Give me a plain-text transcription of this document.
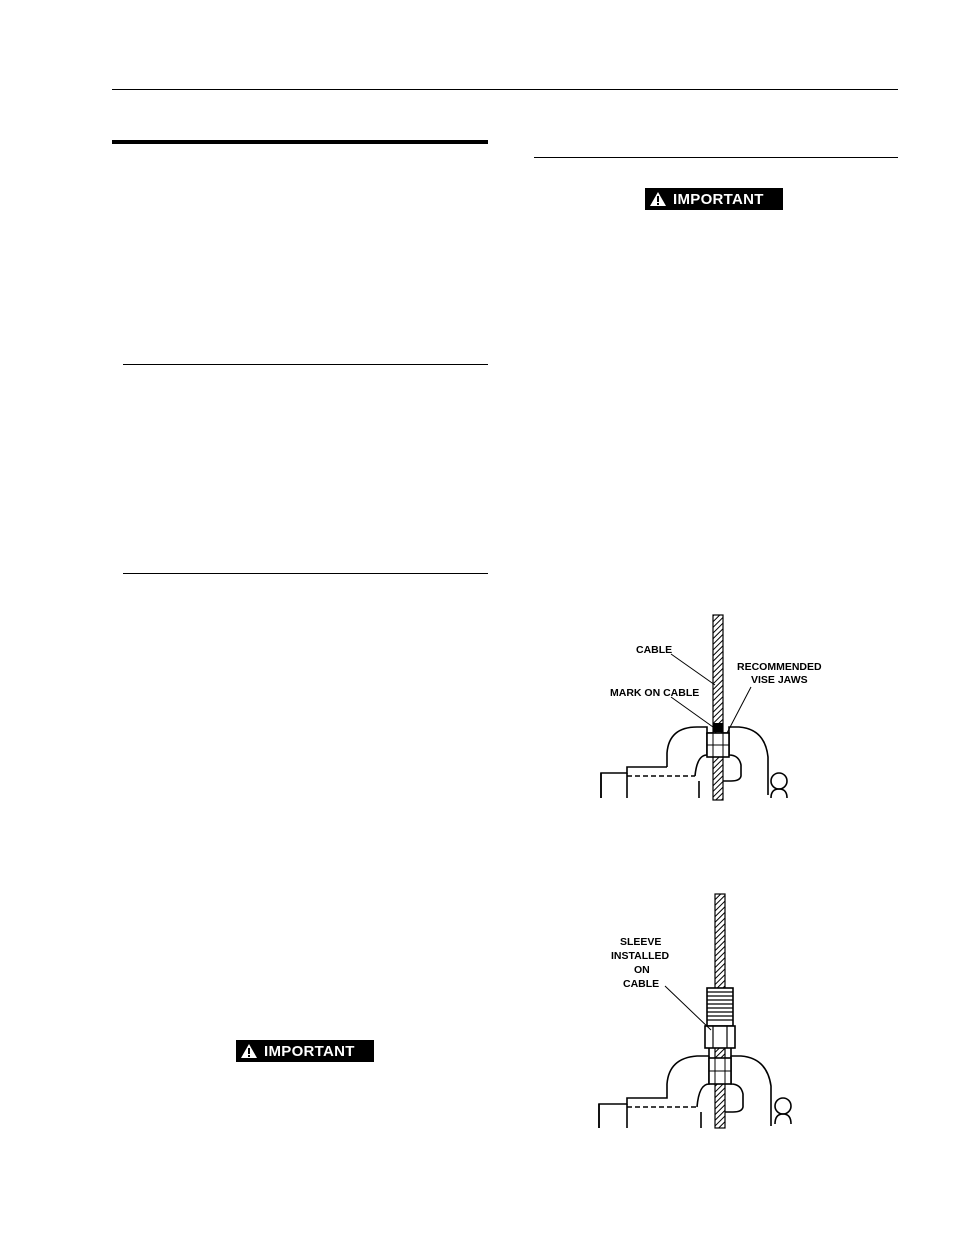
IMPORTANT
IMPORTANT
CABLE
MARK ON CABLE
RECOMMENDED
VISE JAWS
SLEEVE
INSTALLED
ON
CABLE
